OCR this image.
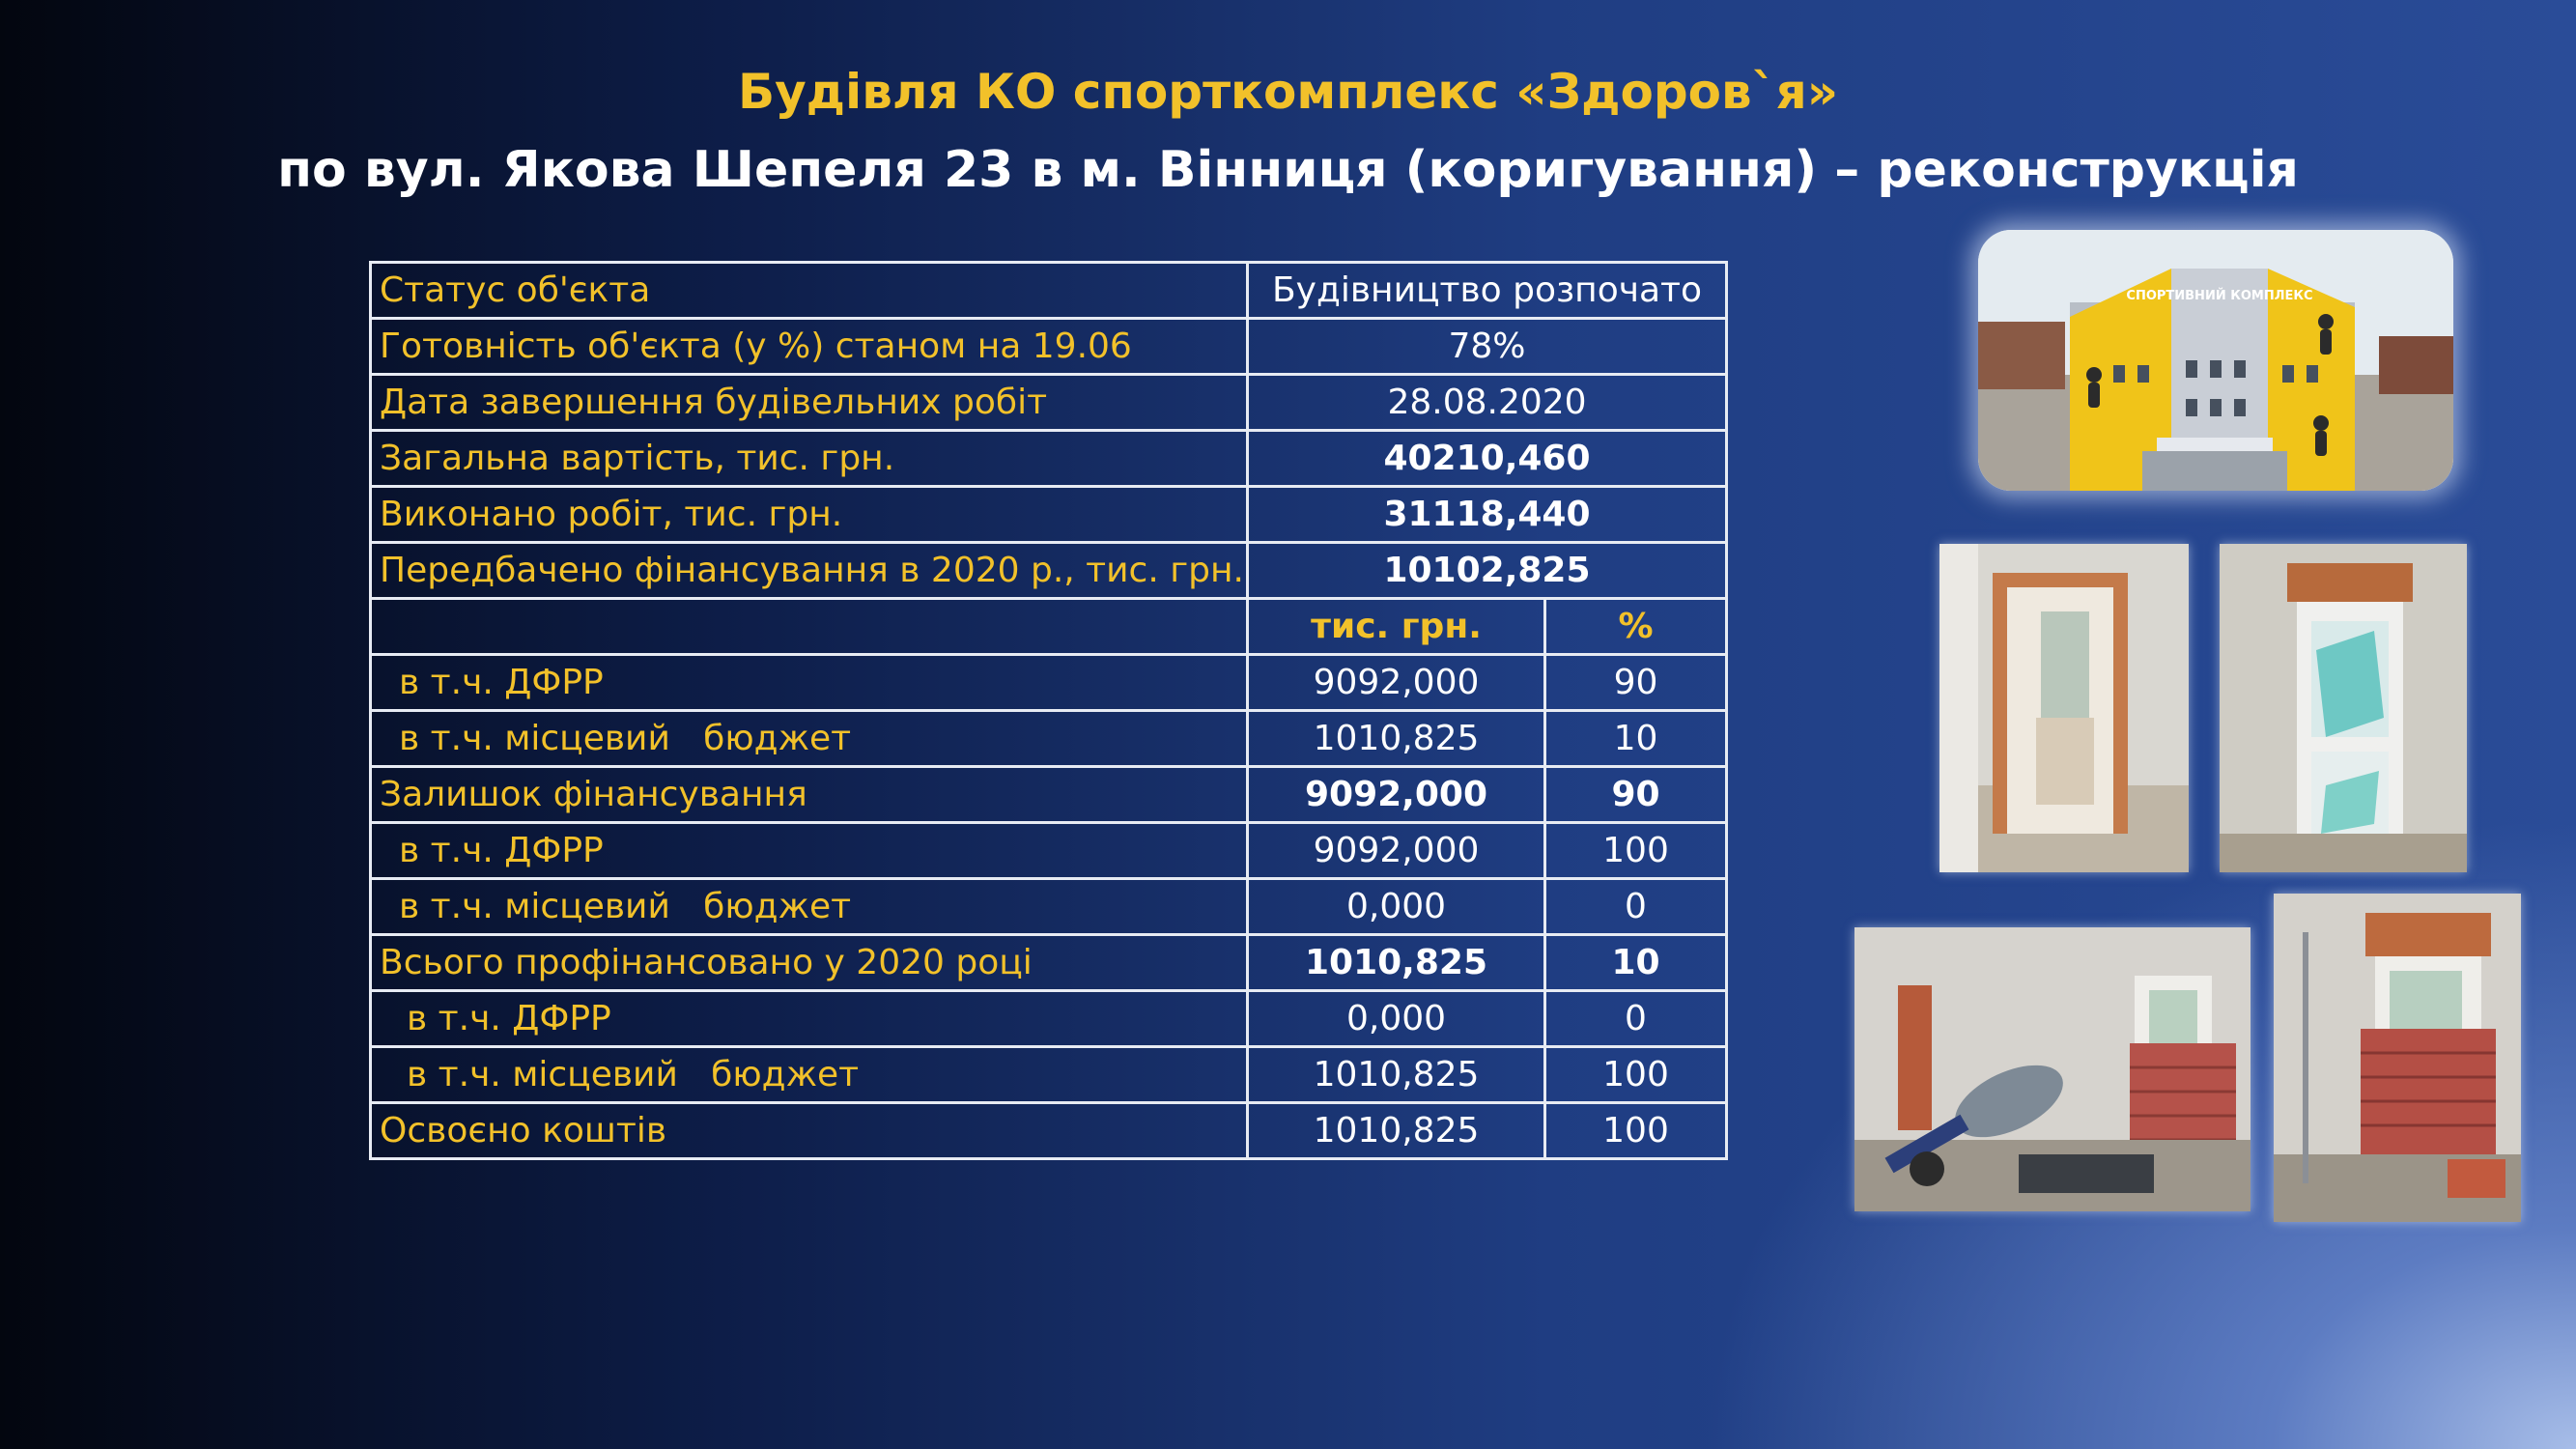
Будівля КО спорткомплекс «Здоров`я»
по вул. Якова Шепеля 23 в м. Вінниця (коригування) – реконструкція
Статус об'єкта	Будівництво розпочато	
Готовність об'єкта (у %) станом на 19.06	78%	
Дата завершення будівельних робіт	28.08.2020	
Загальна вартість, тис. грн.	40210,460	
Виконано робіт, тис. грн.	31118,440	
Передбачено фінансування в 2020 р., тис. грн.	10102,825	
	тис. грн.	%
в т.ч. ДФРР	9092,000	90
в т.ч. місцевий   бюджет	1010,825	10
Залишок фінансування	9092,000	90
в т.ч. ДФРР	9092,000	100
в т.ч. місцевий   бюджет	0,000	0
Всього профінансовано у 2020 році	1010,825	10
в т.ч. ДФРР	0,000	0
в т.ч. місцевий   бюджет	1010,825	100
Освоєно коштів	1010,825	100
СПОРТИВНИЙ КОМПЛЕКС
